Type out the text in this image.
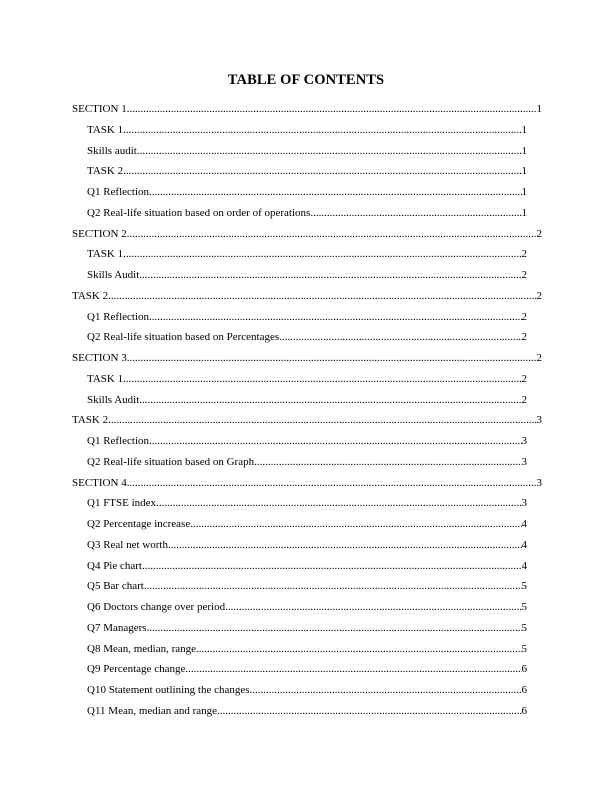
TABLE OF CONTENTS
SECTION 1 .....	1
TASK 1 .....	1
Skills audit .....	1
TASK 2 .....	1
Q1 Reflection .....	1
Q2 Real-life situation based on order of operations .....	1
SECTION 2 .....	2
TASK 1 .....	2
Skills Audit .....	2
TASK 2 .....	2
Q1 Reflection .....	2
Q2 Real-life situation based on Percentages .....	2
SECTION 3 .....	2
TASK 1 .....	2
Skills Audit .....	2
TASK 2 .....	3
Q1 Reflection .....	3
Q2 Real-life situation based on Graph .....	3
SECTION 4 .....	3
Q1 FTSE index .....	3
Q2 Percentage increase .....	4
Q3 Real net worth .....	4
Q4 Pie chart .....	4
Q5 Bar chart .....	5
Q6 Doctors change over period .....	5
Q7 Managers .....	5
Q8 Mean, median, range .....	5
Q9 Percentage change .....	6
Q10 Statement outlining the changes .....	6
Q11 Mean, median and range .....	6
